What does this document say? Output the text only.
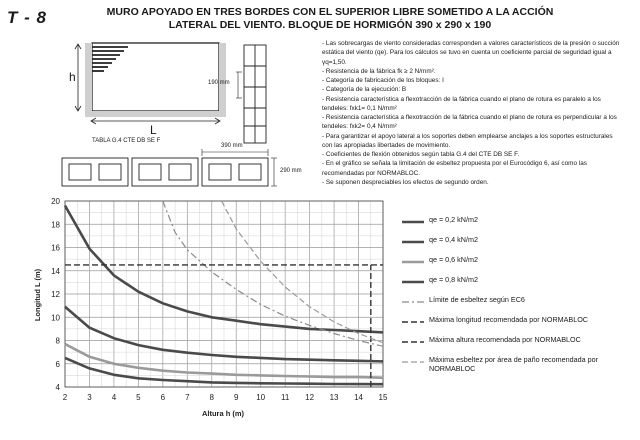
T - 8	MURO APOYADO EN TRES BORDES CON EL SUPERIOR LIBRE SOMETIDO A LA ACCIÓN
LATERAL DEL VIENTO. BLOQUE DE HORMIGÓN 390 x 290 x 190
h
L
TABLA G.4 CTE DB SE F
190 mm
390 mm
290 mm

- Las sobrecargas de viento consideradas corresponden a valores característicos de la presión o succión estática del viento (qe). Para los cálculos se tuvo en cuenta un coeficiente parcial de seguridad igual a γq=1,50.

- Resistencia de la fábrica fk ≥ 2 N/mm².

- Categoría de fabricación de los bloques: I

- Categoría de la ejecución: B

- Resistencia característica a flexotracción de la fábrica cuando el plano de rotura es paralelo a los tendeles: fxk1= 0,1 N/mm²

- Resistencia característica a flexotracción de la fábrica cuando el plano de rotura es perpendicular a los tendeles: fxk2= 0,4 N/mm²

- Para garantizar el apoyo lateral a los soportes deben emplearse anclajes a los soportes estructurales con las apropiadas libertades de movimiento.

- Coeficientes de flexión obtenidos según tabla G.4 del CTE DB SE F.

- En el gráfico se señala la limitación de esbeltez propuesta por el Eurocódigo 6, así como las recomendadas por NORMABLOC.

- Se suponen despreciables los efectos de segundo orden.

2	3	4	5	6	7	8	9 10 11 12 13 14 15
4
6
8
10
12
14
16
18
20
Altura h (m)
Longitud L (m)
qe = 0,2 kN/m2
qe = 0,4 kN/m2
qe = 0,6 kN/m2
qe = 0,8 kN/m2
Límite de esbeltez según EC6
Máxima longitud recomendada por NORMABLOC
Máxima altura recomendada por NORMABLOC
Máxima esbeltez por área de paño recomendada por NORMABLOC
